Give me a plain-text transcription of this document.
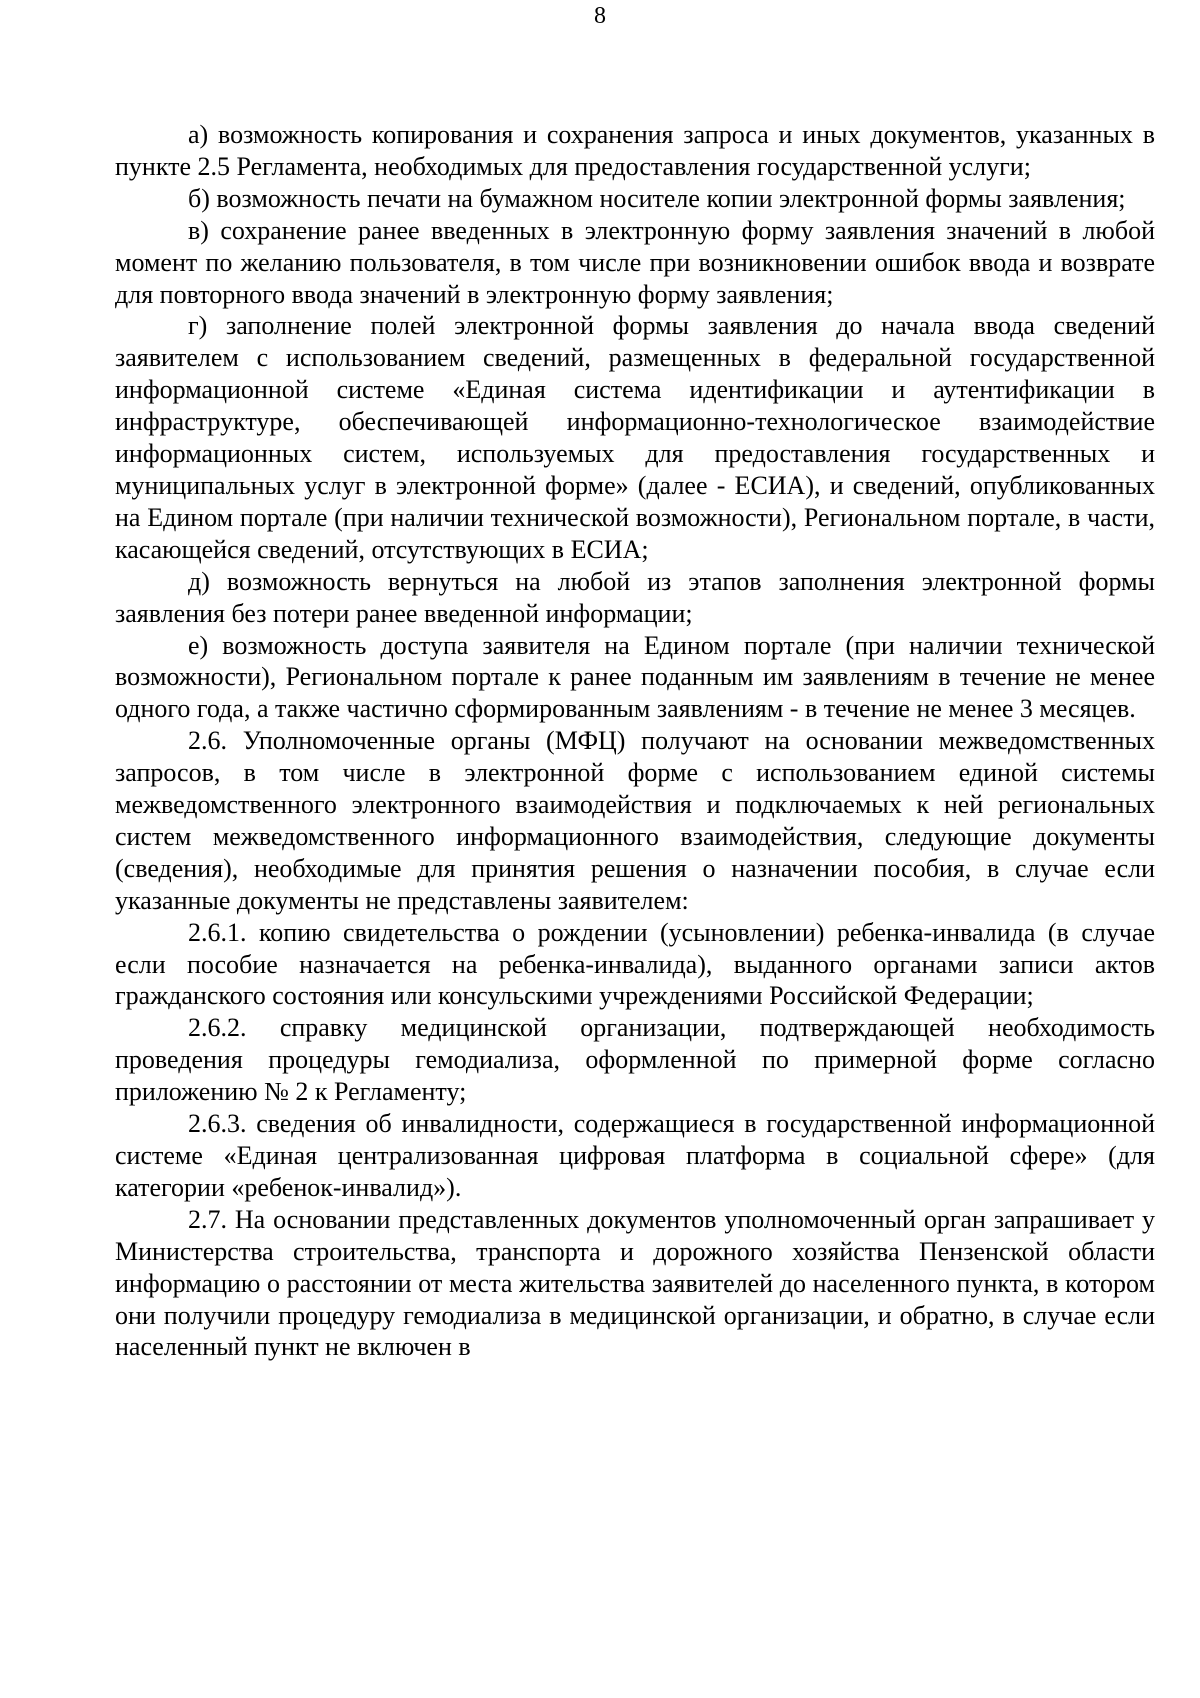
8

а) возможность копирования и сохранения запроса и иных документов, указанных в пункте 2.5 Регламента, необходимых для предоставления государственной услуги;

б) возможность печати на бумажном носителе копии электронной формы заявления;

в) сохранение ранее введенных в электронную форму заявления значений в любой момент по желанию пользователя, в том числе при возникновении ошибок ввода и возврате для повторного ввода значений в электронную форму заявления;

г) заполнение полей электронной формы заявления до начала ввода сведений заявителем с использованием сведений, размещенных в федеральной государственной информационной системе «Единая система идентификации и аутентификации в инфраструктуре, обеспечивающей информационно-технологическое взаимодействие информационных систем, используемых для предоставления государственных и муниципальных услуг в электронной форме» (далее - ЕСИА), и сведений, опубликованных на Едином портале (при наличии технической возможности), Региональном портале, в части, касающейся сведений, отсутствующих в ЕСИА;

д) возможность вернуться на любой из этапов заполнения электронной формы заявления без потери ранее введенной информации;

е) возможность доступа заявителя на Едином портале (при наличии технической возможности), Региональном портале к ранее поданным им заявлениям в течение не менее одного года, а также частично сформированным заявлениям - в течение не менее 3 месяцев.

2.6. Уполномоченные органы (МФЦ) получают на основании межведомственных запросов, в том числе в электронной форме с использованием единой системы межведомственного электронного взаимодействия и подключаемых к ней региональных систем межведомственного информационного взаимодействия, следующие документы (сведения), необходимые для принятия решения о назначении пособия, в случае если указанные документы не представлены заявителем:

2.6.1. копию свидетельства о рождении (усыновлении) ребенка-инвалида (в случае если пособие назначается на ребенка-инвалида), выданного органами записи актов гражданского состояния или консульскими учреждениями Российской Федерации;

2.6.2. справку медицинской организации, подтверждающей необходимость проведения процедуры гемодиализа, оформленной по примерной форме согласно приложению № 2 к Регламенту;

2.6.3. сведения об инвалидности, содержащиеся в государственной информационной системе «Единая централизованная цифровая платформа в социальной сфере» (для категории «ребенок-инвалид»).

2.7. На основании представленных документов уполномоченный орган запрашивает у Министерства строительства, транспорта и дорожного хозяйства Пензенской области информацию о расстоянии от места жительства заявителей до населенного пункта, в котором они получили процедуру гемодиализа в медицинской организации, и обратно, в случае если населенный пункт не включен в
